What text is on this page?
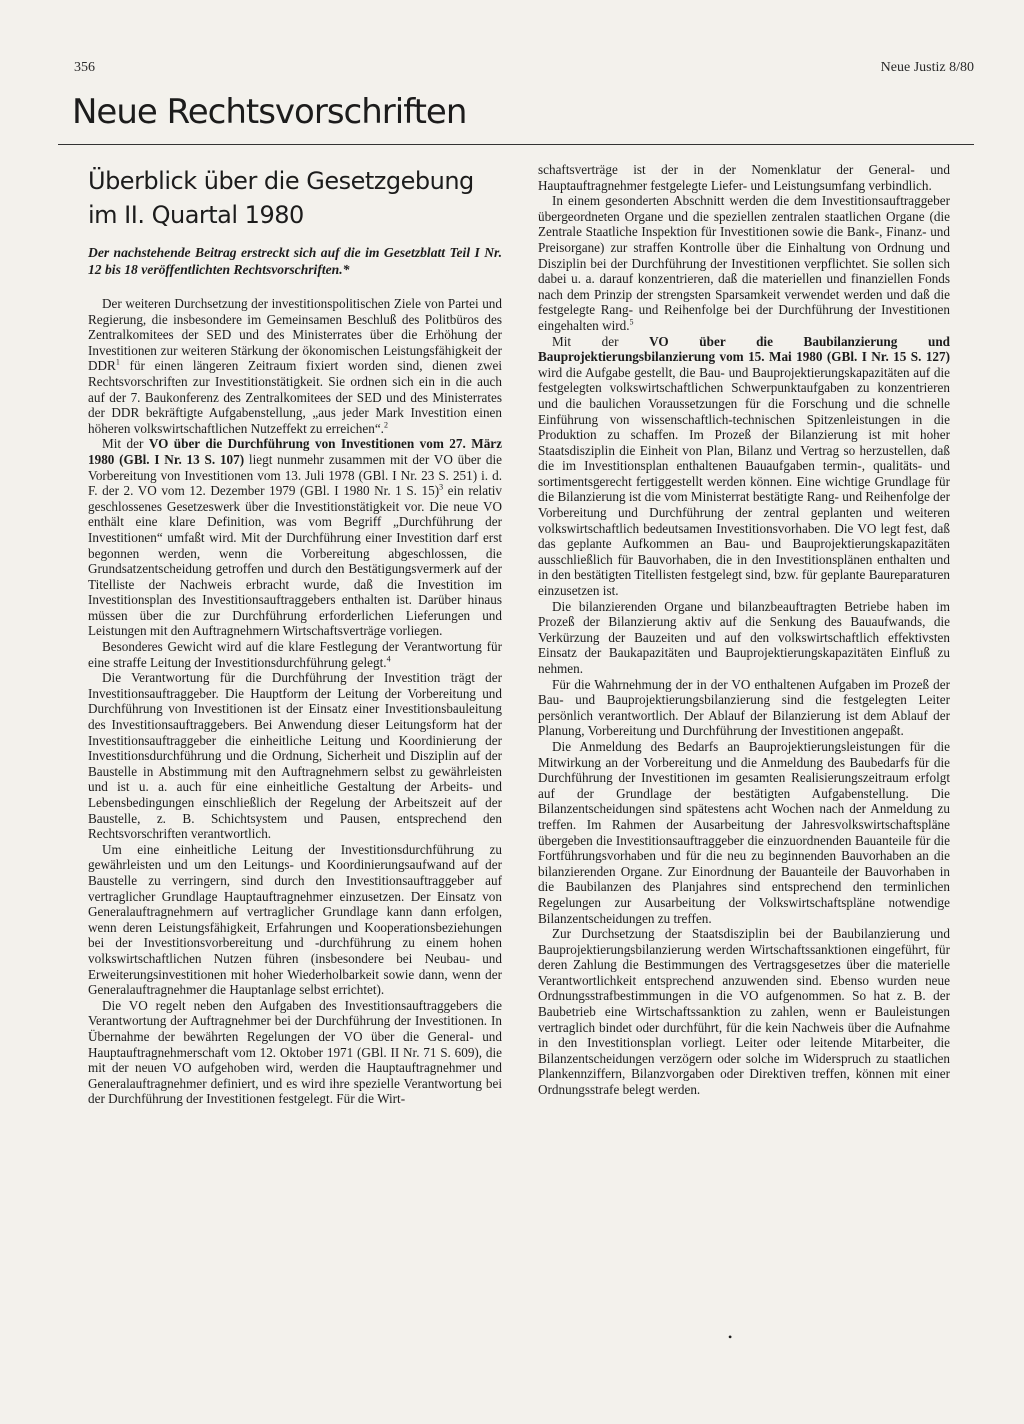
356	Neue Justiz 8/80
Neue Rechtsvorschriften
Überblick über die Gesetzgebung
im II. Quartal 1980

Der nachstehende Beitrag erstreckt sich auf die im Gesetzblatt Teil I Nr. 12 bis 18 veröffentlichten Rechtsvorschriften.*

Der weiteren Durchsetzung der investitionspolitischen Ziele von Partei und Regierung, die insbesondere im Gemeinsamen Beschluß des Politbüros des Zentralkomitees der SED und des Ministerrates über die Erhöhung der Investitionen zur weiteren Stärkung der ökonomischen Leistungsfähigkeit der DDR$^1$ für einen längeren Zeitraum fixiert worden sind, dienen zwei Rechtsvorschriften zur Investitionstätigkeit. Sie ordnen sich ein in die auch auf der 7. Baukonferenz des Zentralkomitees der SED und des Ministerrates der DDR bekräftigte Aufgabenstellung, „aus jeder Mark Investition einen höheren volkswirtschaftlichen Nutzeffekt zu erreichen“.$^2$

Mit der VO über die Durchführung von Investitionen vom 27. März 1980 (GBl. I Nr. 13 S. 107) liegt nunmehr zusammen mit der VO über die Vorbereitung von Investitionen vom 13. Juli 1978 (GBl. I Nr. 23 S. 251) i. d. F. der 2. VO vom 12. Dezember 1979 (GBl. I 1980 Nr. 1 S. 15)$^3$ ein relativ geschlossenes Gesetzeswerk über die Investitionstätigkeit vor. Die neue VO enthält eine klare Definition, was vom Begriff „Durchführung der Investitionen“ umfaßt wird. Mit der Durchführung einer Investition darf erst begonnen werden, wenn die Vorbereitung abgeschlossen, die Grundsatzentscheidung getroffen und durch den Bestätigungsvermerk auf der Titelliste der Nachweis erbracht wurde, daß die Investition im Investitionsplan des Investitionsauftraggebers enthalten ist. Darüber hinaus müssen über die zur Durchführung erforderlichen Lieferungen und Leistungen mit den Auftragnehmern Wirtschaftsverträge vorliegen.

Besonderes Gewicht wird auf die klare Festlegung der Verantwortung für eine straffe Leitung der Investitionsdurchführung gelegt.$^4$

Die Verantwortung für die Durchführung der Investition trägt der Investitionsauftraggeber. Die Hauptform der Leitung der Vorbereitung und Durchführung von Investitionen ist der Einsatz einer Investitionsbauleitung des Investitionsauftraggebers. Bei Anwendung dieser Leitungsform hat der Investitionsauftraggeber die einheitliche Leitung und Koordinierung der Investitionsdurchführung und die Ordnung, Sicherheit und Disziplin auf der Baustelle in Abstimmung mit den Auftragnehmern selbst zu gewährleisten und ist u. a. auch für eine einheitliche Gestaltung der Arbeits- und Lebensbedingungen einschließlich der Regelung der Arbeitszeit auf der Baustelle, z. B. Schichtsystem und Pausen, entsprechend den Rechtsvorschriften verantwortlich.

Um eine einheitliche Leitung der Investitionsdurchführung zu gewährleisten und um den Leitungs- und Koordinierungsaufwand auf der Baustelle zu verringern, sind durch den Investitionsauftraggeber auf vertraglicher Grundlage Hauptauftragnehmer einzusetzen. Der Einsatz von Generalauftragnehmern auf vertraglicher Grundlage kann dann erfolgen, wenn deren Leistungsfähigkeit, Erfahrungen und Kooperationsbeziehungen bei der Investitionsvorbereitung und -durchführung zu einem hohen volkswirtschaftlichen Nutzen führen (insbesondere bei Neubau- und Erweiterungsinvestitionen mit hoher Wiederholbarkeit sowie dann, wenn der Generalauftragnehmer die Hauptanlage selbst errichtet).

Die VO regelt neben den Aufgaben des Investitionsauftraggebers die Verantwortung der Auftragnehmer bei der Durchführung der Investitionen. In Übernahme der bewährten Regelungen der VO über die General- und Hauptauftragnehmerschaft vom 12. Oktober 1971 (GBl. II Nr. 71 S. 609), die mit der neuen VO aufgehoben wird, werden die Hauptauftragnehmer und Generalauftragnehmer definiert, und es wird ihre spezielle Verantwortung bei der Durchführung der Investitionen festgelegt. Für die Wirt-

schaftsverträge ist der in der Nomenklatur der General- und Hauptauftragnehmer festgelegte Liefer- und Leistungsumfang verbindlich.

In einem gesonderten Abschnitt werden die dem Investitionsauftraggeber übergeordneten Organe und die speziellen zentralen staatlichen Organe (die Zentrale Staatliche Inspektion für Investitionen sowie die Bank-, Finanz- und Preisorgane) zur straffen Kontrolle über die Einhaltung von Ordnung und Disziplin bei der Durchführung der Investitionen verpflichtet. Sie sollen sich dabei u. a. darauf konzentrieren, daß die materiellen und finanziellen Fonds nach dem Prinzip der strengsten Sparsamkeit verwendet werden und daß die festgelegte Rang- und Reihenfolge bei der Durchführung der Investitionen eingehalten wird.$^5$

Mit der VO über die Baubilanzierung und Bauprojektierungsbilanzierung vom 15. Mai 1980 (GBl. I Nr. 15 S. 127) wird die Aufgabe gestellt, die Bau- und Bauprojektierungskapazitäten auf die festgelegten volkswirtschaftlichen Schwerpunktaufgaben zu konzentrieren und die baulichen Voraussetzungen für die Forschung und die schnelle Einführung von wissenschaftlich-technischen Spitzenleistungen in die Produktion zu schaffen. Im Prozeß der Bilanzierung ist mit hoher Staatsdisziplin die Einheit von Plan, Bilanz und Vertrag so herzustellen, daß die im Investitionsplan enthaltenen Bauaufgaben termin-, qualitäts- und sortimentsgerecht fertiggestellt werden können. Eine wichtige Grundlage für die Bilanzierung ist die vom Ministerrat bestätigte Rang- und Reihenfolge der Vorbereitung und Durchführung der zentral geplanten und weiteren volkswirtschaftlich bedeutsamen Investitionsvorhaben. Die VO legt fest, daß das geplante Aufkommen an Bau- und Bauprojektierungskapazitäten ausschließlich für Bauvorhaben, die in den Investitionsplänen enthalten und in den bestätigten Titellisten festgelegt sind, bzw. für geplante Baureparaturen einzusetzen ist.

Die bilanzierenden Organe und bilanzbeauftragten Betriebe haben im Prozeß der Bilanzierung aktiv auf die Senkung des Bauaufwands, die Verkürzung der Bauzeiten und auf den volkswirtschaftlich effektivsten Einsatz der Baukapazitäten und Bauprojektierungskapazitäten Einfluß zu nehmen.

Für die Wahrnehmung der in der VO enthaltenen Aufgaben im Prozeß der Bau- und Bauprojektierungsbilanzierung sind die festgelegten Leiter persönlich verantwortlich. Der Ablauf der Bilanzierung ist dem Ablauf der Planung, Vorbereitung und Durchführung der Investitionen angepaßt.

Die Anmeldung des Bedarfs an Bauprojektierungsleistungen für die Mitwirkung an der Vorbereitung und die Anmeldung des Baubedarfs für die Durchführung der Investitionen im gesamten Realisierungszeitraum erfolgt auf der Grundlage der bestätigten Aufgabenstellung. Die Bilanzentscheidungen sind spätestens acht Wochen nach der Anmeldung zu treffen. Im Rahmen der Ausarbeitung der Jahresvolkswirtschaftspläne übergeben die Investitionsauftraggeber die einzuordnenden Bauanteile für die Fortführungsvorhaben und für die neu zu beginnenden Bauvorhaben an die bilanzierenden Organe. Zur Einordnung der Bauanteile der Bauvorhaben in die Baubilanzen des Planjahres sind entsprechend den terminlichen Regelungen zur Ausarbeitung der Volkswirtschaftspläne notwendige Bilanzentscheidungen zu treffen.

Zur Durchsetzung der Staatsdisziplin bei der Baubilanzierung und Bauprojektierungsbilanzierung werden Wirtschaftssanktionen eingeführt, für deren Zahlung die Bestimmungen des Vertragsgesetzes über die materielle Verantwortlichkeit entsprechend anzuwenden sind. Ebenso wurden neue Ordnungsstrafbestimmungen in die VO aufgenommen. So hat z. B. der Baubetrieb eine Wirtschaftssanktion zu zahlen, wenn er Bauleistungen vertraglich bindet oder durchführt, für die kein Nachweis über die Aufnahme in den Investitionsplan vorliegt. Leiter oder leitende Mitarbeiter, die Bilanzentscheidungen verzögern oder solche im Widerspruch zu staatlichen Plankennziffern, Bilanzvorgaben oder Direktiven treffen, können mit einer Ordnungsstrafe belegt werden.

•
